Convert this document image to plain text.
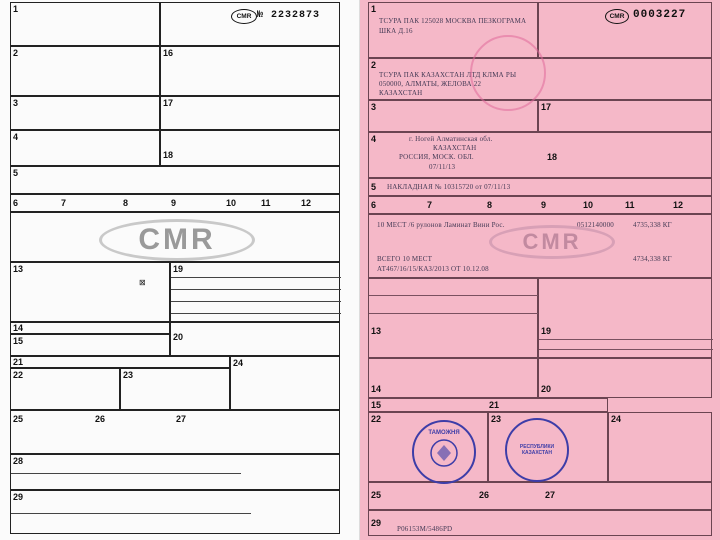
1
CMR № 2232873
2	16
3	17
4
18
5
6	7	8	9	10	11	12
CMR
13
⊠
19
14
15	20
21	24
22	23
25	26	27
28
29

1
ТСУРА ПАК 125028 МОСКВА ПЕЗКОГРАМА
ШКА Д.16
CMR 0003227
2
ТСУРА ПАК КАЗАХСТАН ЛТД КЛМА РЫ
050000, АЛМАТЫ, ЖЕЛОВА 22
КАЗАХСТАН
3	17
4	г. Ногей Алматинская обл.
КАЗАХСТАН
РОССИЯ, МОСК. ОБЛ.	18
07/11/13
5 НАКЛАДНАЯ № 10315720 от 07/11/13
6	7	8	9	10	11	12
10 МЕСТ /6 рулонов Ламинат Вини Рос.	0512140000	4735,338 КГ
CMR
ВСЕГО 10 МЕСТ	4734,338 КГ
АТ467/16/15/КАЗ/2013 ОТ 10.12.08
13	19
14	20
15	21
22	23	24
25	26	27
29
Р06153М/5486РD
ТАМОЖНЯ
РЕСПУБЛИКИ КАЗАХСТАН
